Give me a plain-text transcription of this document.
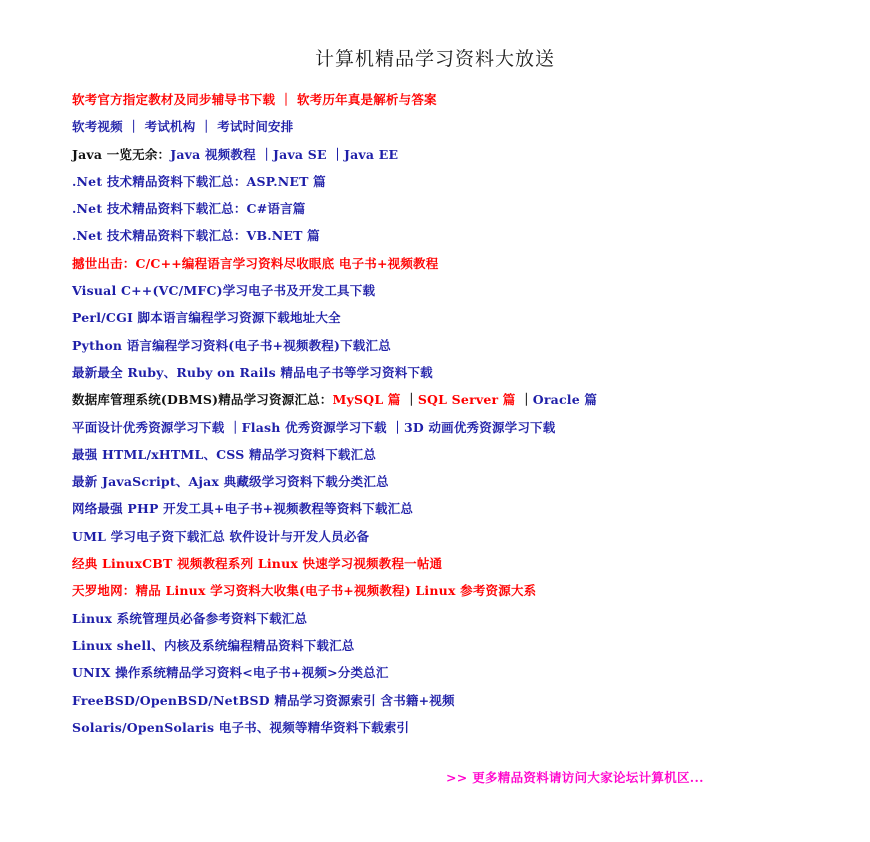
计算机精品学习资料大放送
软考官方指定教材及同步辅导书下载 ｜ 软考历年真是解析与答案
软考视频 ｜ 考试机构 ｜ 考试时间安排
Java 一览无余：Java 视频教程 ｜Java SE ｜Java EE
.Net 技术精品资料下载汇总：ASP.NET 篇
.Net 技术精品资料下载汇总：C#语言篇
.Net 技术精品资料下载汇总：VB.NET 篇
撼世出击：C/C++编程语言学习资料尽收眼底 电子书+视频教程
Visual C++(VC/MFC)学习电子书及开发工具下载
Perl/CGI 脚本语言编程学习资源下载地址大全
Python 语言编程学习资料(电子书+视频教程)下载汇总
最新最全 Ruby、Ruby on Rails 精品电子书等学习资料下载
数据库管理系统(DBMS)精品学习资源汇总：MySQL 篇 ｜SQL Server 篇 ｜Oracle 篇
平面设计优秀资源学习下载 ｜Flash 优秀资源学习下载 ｜3D 动画优秀资源学习下载
最强 HTML/xHTML、CSS 精品学习资料下载汇总
最新 JavaScript、Ajax 典藏级学习资料下载分类汇总
网络最强 PHP 开发工具+电子书+视频教程等资料下载汇总
UML 学习电子资下载汇总 软件设计与开发人员必备
经典 LinuxCBT 视频教程系列 Linux 快速学习视频教程一帖通
天罗地网：精品 Linux 学习资料大收集(电子书+视频教程) Linux 参考资源大系
Linux 系统管理员必备参考资料下载汇总
Linux shell、内核及系统编程精品资料下载汇总
UNIX 操作系统精品学习资料<电子书+视频>分类总汇
FreeBSD/OpenBSD/NetBSD 精品学习资源索引 含书籍+视频
Solaris/OpenSolaris 电子书、视频等精华资料下载索引
>> 更多精品资料请访问大家论坛计算机区...
